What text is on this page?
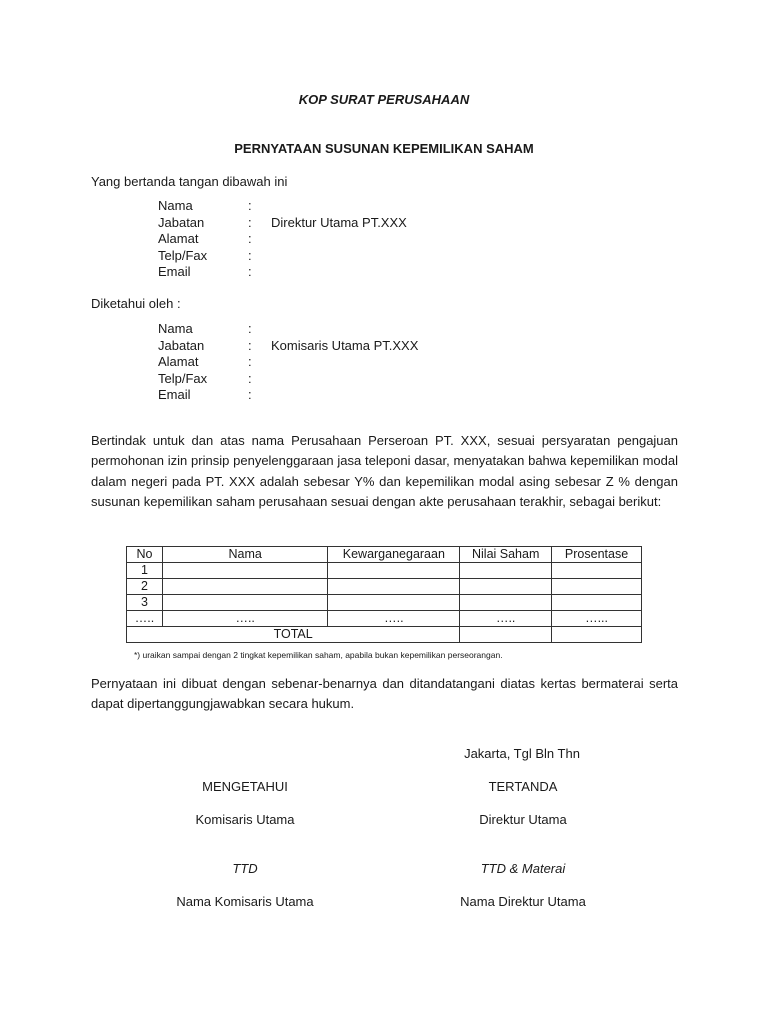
KOP SURAT PERUSAHAAN
PERNYATAAN SUSUNAN KEPEMILIKAN SAHAM
Yang bertanda tangan dibawah ini
Nama	:
Jabatan	: Direktur Utama PT.XXX
Alamat	:
Telp/Fax	:
Email	:
Diketahui oleh :
Nama	:
Jabatan	: Komisaris Utama PT.XXX
Alamat	:
Telp/Fax	:
Email	:
Bertindak untuk dan atas nama Perusahaan Perseroan PT. XXX, sesuai persyaratan pengajuan permohonan izin prinsip penyelenggaraan jasa teleponi dasar, menyatakan bahwa kepemilikan modal dalam negeri pada PT. XXX adalah sebesar Y% dan kepemilikan modal asing sebesar Z % dengan susunan kepemilikan saham perusahaan sesuai dengan akte perusahaan terakhir, sebagai berikut:
No	Nama	Kewarganegaraan	Nilai Saham	Prosentase
1				
2				
3				
…..	…..	…..	…..	…...
TOTAL				
*) uraikan sampai dengan 2 tingkat kepemilikan saham, apabila bukan kepemilikan perseorangan.
Pernyataan ini dibuat dengan sebenar-benarnya dan ditandatangani diatas kertas bermaterai serta dapat dipertanggungjawabkan secara hukum.
Jakarta, Tgl Bln Thn
MENGETAHUI
Komisaris Utama
TTD
Nama Komisaris Utama
TERTANDA
Direktur Utama
TTD & Materai
Nama Direktur Utama
